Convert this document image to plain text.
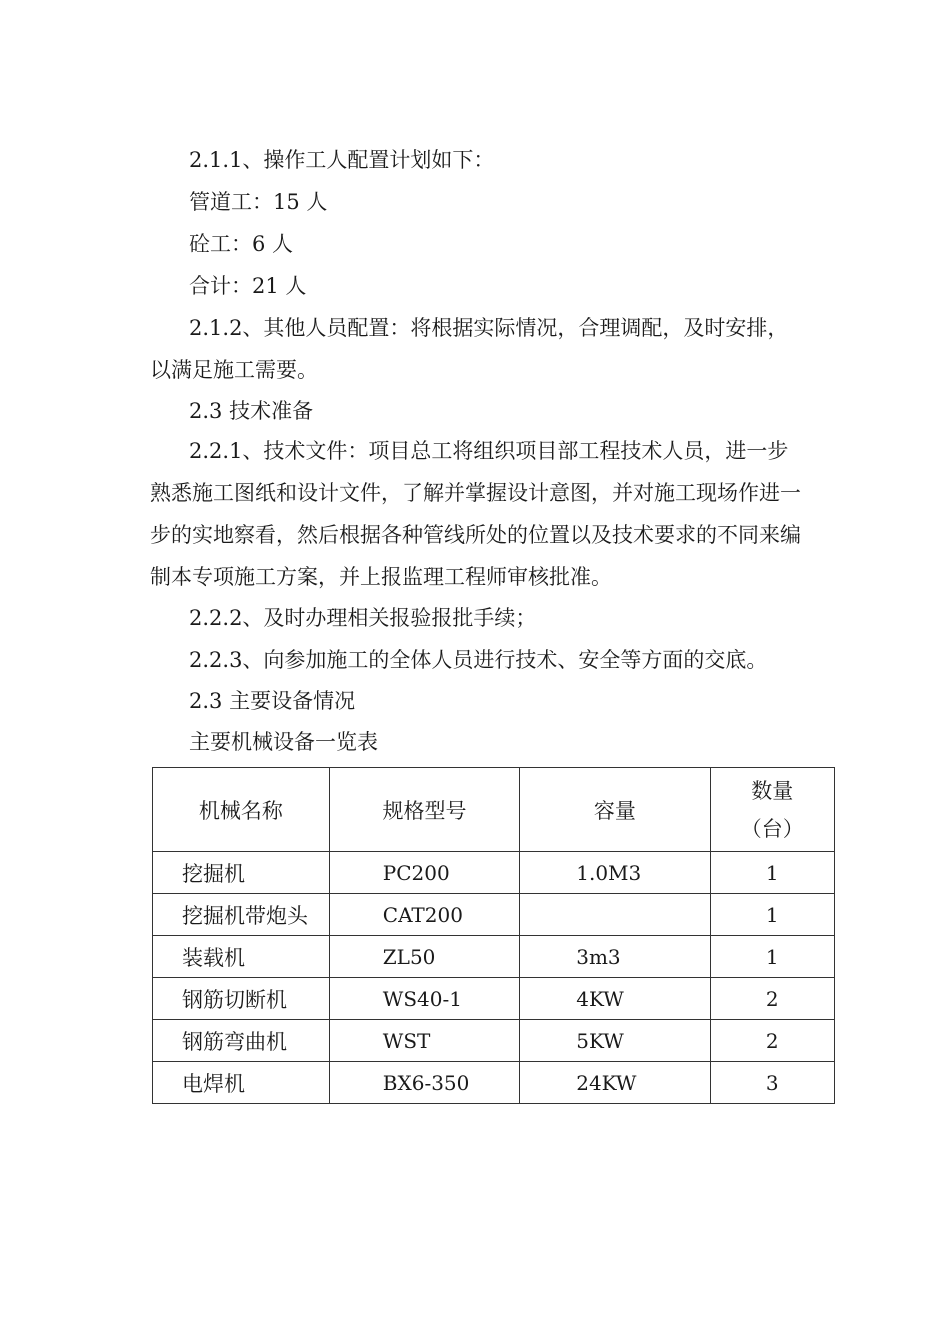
2.1.1、操作工人配置计划如下：
管道工：15 人
砼工：6 人
合计：21 人
2.1.2、其他人员配置：将根据实际情况，合理调配，及时安排，
以满足施工需要。
2.3 技术准备
2.2.1、技术文件：项目总工将组织项目部工程技术人员，进一步
熟悉施工图纸和设计文件，了解并掌握设计意图，并对施工现场作进一
步的实地察看，然后根据各种管线所处的位置以及技术要求的不同来编
制本专项施工方案，并上报监理工程师审核批准。
2.2.2、及时办理相关报验报批手续；
2.2.3、向参加施工的全体人员进行技术、安全等方面的交底。
2.3 主要设备情况
主要机械设备一览表
机械名称	规格型号	容量	数量
（台）

挖掘机	PC200	1.0M3	1
挖掘机带炮头	CAT200		1
装载机	ZL50	3m3	1
钢筋切断机	WS40-1	4KW	2
钢筋弯曲机	WST	5KW	2
电焊机	BX6-350	24KW	3
